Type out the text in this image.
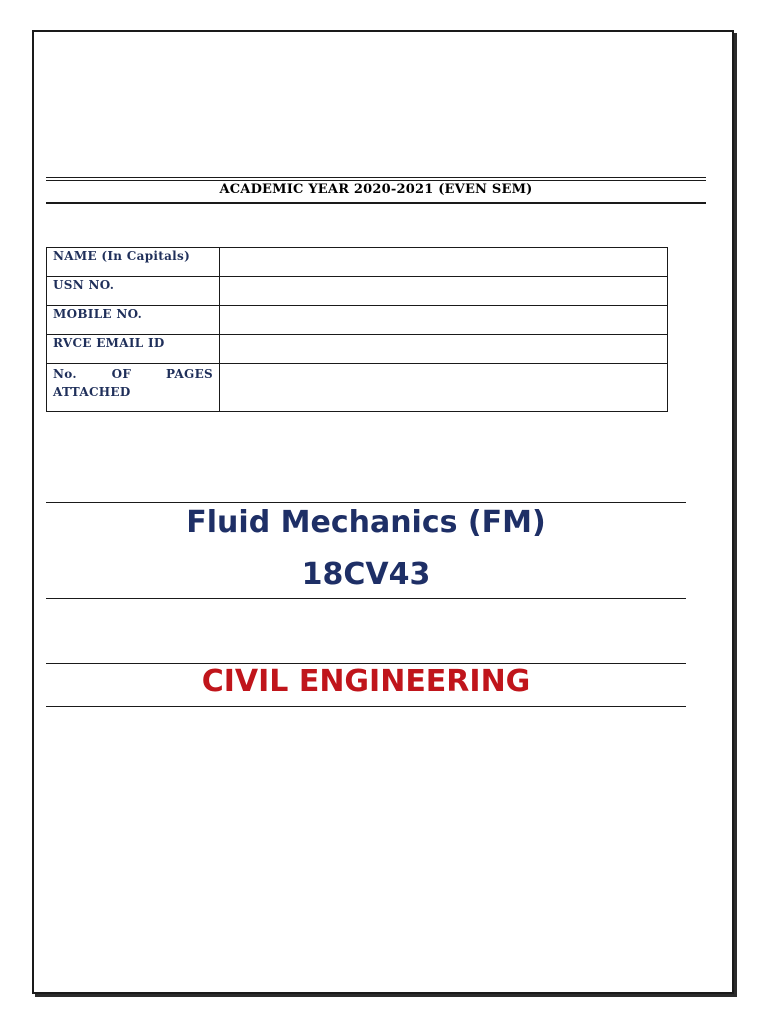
ACADEMIC YEAR 2020-2021 (EVEN SEM)
NAME (In Capitals)	
USN NO.	
MOBILE NO.	
RVCE EMAIL ID	

No. OF PAGES ATTACHED	

Fluid Mechanics (FM)
18CV43
CIVIL ENGINEERING
